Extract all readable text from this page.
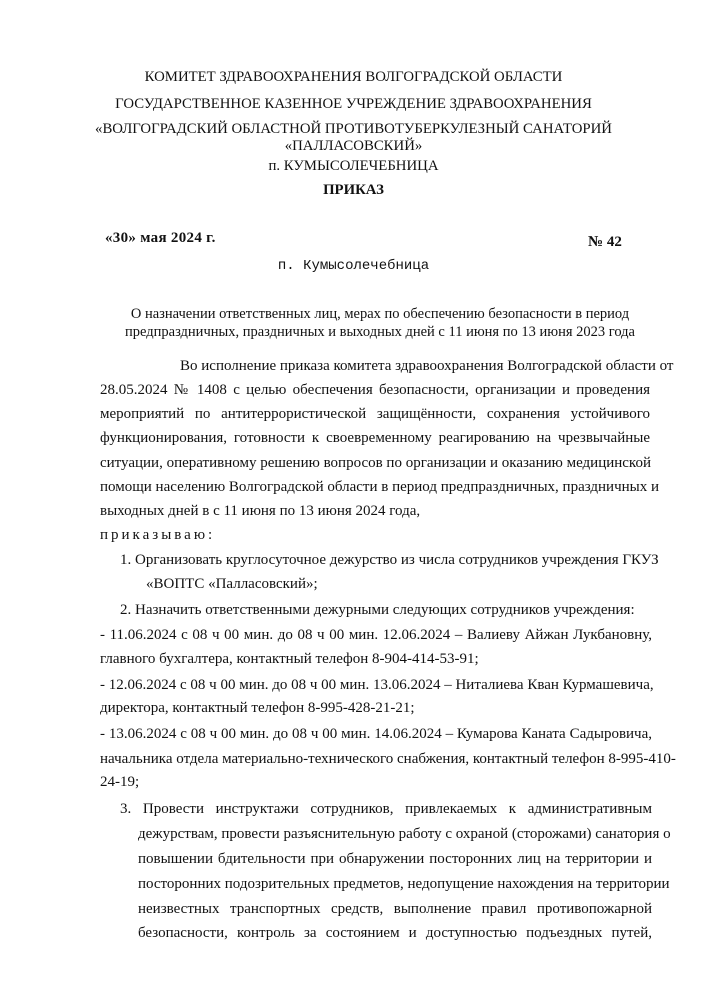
КОМИТЕТ ЗДРАВООХРАНЕНИЯ ВОЛГОГРАДСКОЙ ОБЛАСТИ
ГОСУДАРСТВЕННОЕ КАЗЕННОЕ УЧРЕЖДЕНИЕ ЗДРАВООХРАНЕНИЯ
«ВОЛГОГРАДСКИЙ ОБЛАСТНОЙ ПРОТИВОТУБЕРКУЛЕЗНЫЙ САНАТОРИЙ
«ПАЛЛАСОВСКИЙ»
п. КУМЫСОЛЕЧЕБНИЦА
ПРИКАЗ
«30» мая 2024 г.	№ 42
п. Кумысолечебница
О назначении ответственных лиц, мерах по обеспечению безопасности в период
предпраздничных, праздничных и выходных дней с 11 июня по 13 июня 2023 года
Во исполнение приказа комитета здравоохранения Волгоградской области от
28.05.2024 № 1408 с целью обеспечения безопасности, организации и проведения
мероприятий по антитеррористической защищённости, сохранения устойчивого
функционирования, готовности к своевременному реагированию на чрезвычайные
ситуации, оперативному решению вопросов по организации и оказанию медицинской
помощи населению Волгоградской области в период предпраздничных, праздничных и
выходных дней в с 11 июня по 13 июня 2024 года,
приказываю:
1. Организовать круглосуточное дежурство из числа сотрудников учреждения ГКУЗ
«ВОПТС «Палласовский»;
2. Назначить ответственными дежурными следующих сотрудников учреждения:
- 11.06.2024 с 08 ч 00 мин. до 08 ч 00 мин. 12.06.2024 – Валиеву Айжан Лукбановну,
главного бухгалтера, контактный телефон 8-904-414-53-91;
- 12.06.2024 с 08 ч 00 мин. до 08 ч 00 мин. 13.06.2024 – Ниталиева Кван Курмашевича,
директора, контактный телефон 8-995-428-21-21;
- 13.06.2024 с 08 ч 00 мин. до 08 ч 00 мин. 14.06.2024 – Кумарова Каната Садыровича,
начальника отдела материально-технического снабжения, контактный телефон 8-995-410-
24-19;
3. Провести инструктажи сотрудников, привлекаемых к административным
дежурствам, провести разъяснительную работу с охраной (сторожами) санатория о
повышении бдительности при обнаружении посторонних лиц на территории и
посторонних подозрительных предметов, недопущение нахождения на территории
неизвестных транспортных средств, выполнение правил противопожарной
безопасности, контроль за состоянием и доступностью подъездных путей,
